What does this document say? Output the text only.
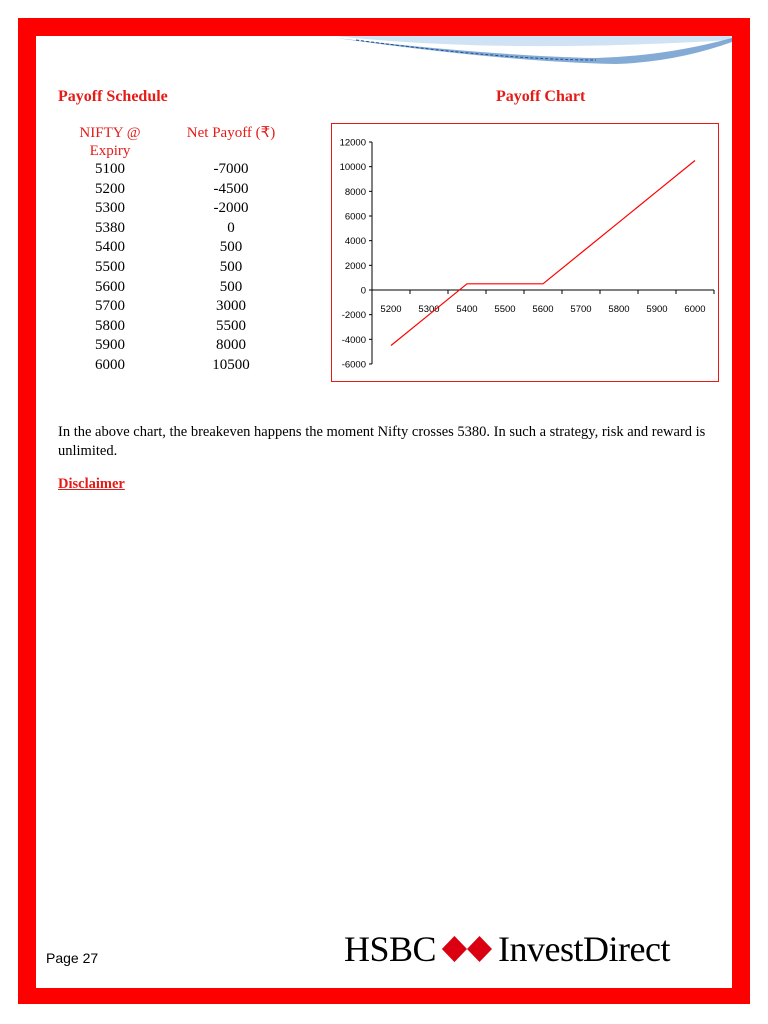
Payoff Schedule	Payoff Chart
NIFTY @ Expiry	Net Payoff (₹)
5100	-7000
5200	-4500
5300	-2000
5380	0
5400	500
5500	500
5600	500
5700	3000
5800	5500
5900	8000
6000	10500
12000
10000
8000
6000
4000
2000
0
-2000
-4000
-6000
5200 5300 5400 5500 5600 5700 5800 5900 6000
In the above chart, the breakeven happens the moment Nifty crosses 5380. In such a strategy, risk and reward is unlimited.
Disclaimer
Page 27	HSBC InvestDirect
